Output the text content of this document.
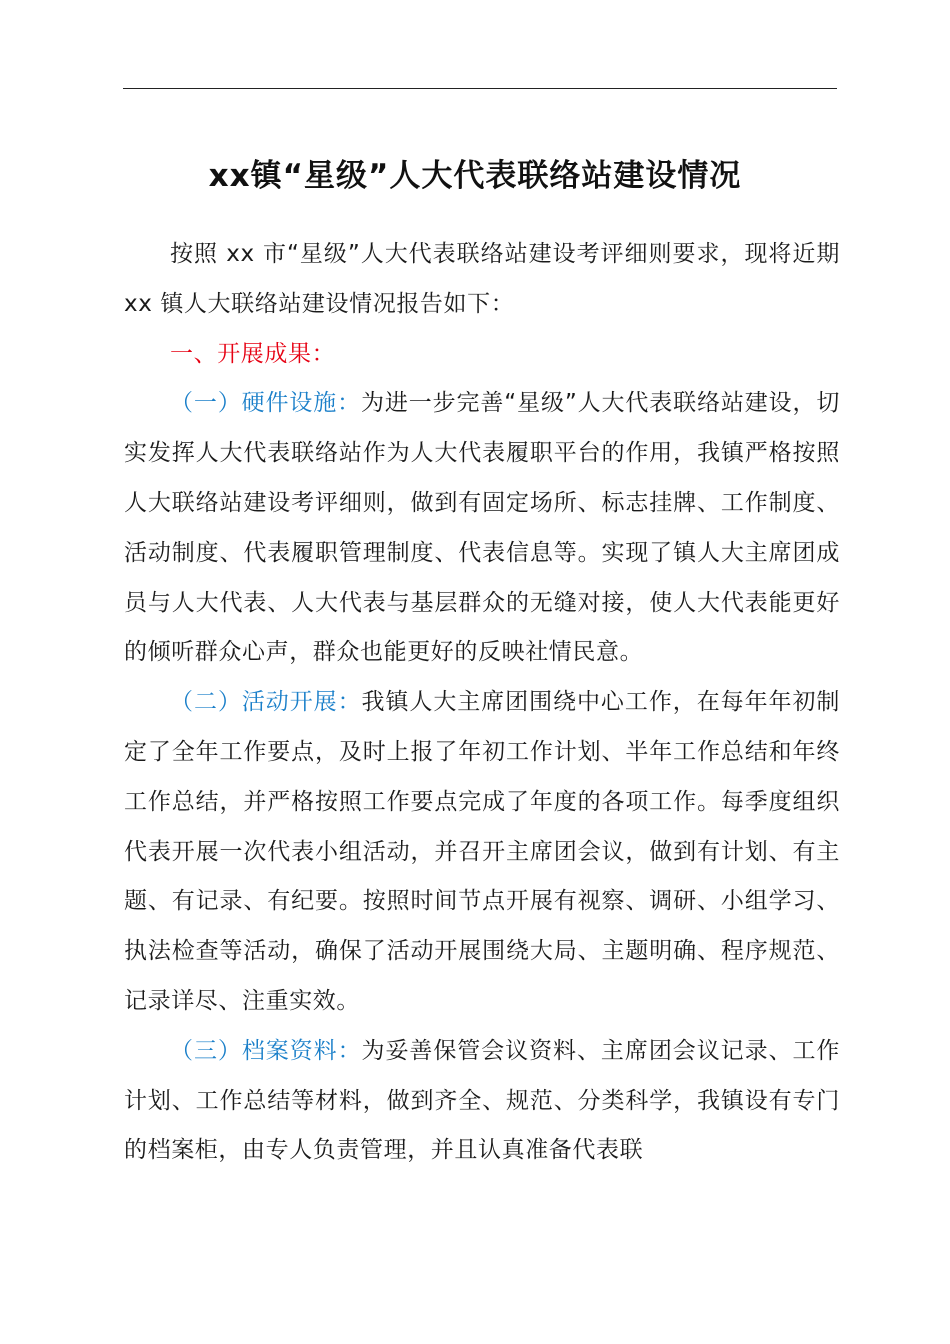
xx镇“星级”人大代表联络站建设情况

按照 xx 市“星级”人大代表联络站建设考评细则要求，现将近期 xx 镇人大联络站建设情况报告如下：

一、开展成果：

（一）硬件设施：为进一步完善“星级”人大代表联络站建设，切实发挥人大代表联络站作为人大代表履职平台的作用，我镇严格按照人大联络站建设考评细则，做到有固定场所、标志挂牌、工作制度、活动制度、代表履职管理制度、代表信息等。实现了镇人大主席团成员与人大代表、人大代表与基层群众的无缝对接，使人大代表能更好的倾听群众心声，群众也能更好的反映社情民意。

（二）活动开展：我镇人大主席团围绕中心工作，在每年年初制定了全年工作要点，及时上报了年初工作计划、半年工作总结和年终工作总结，并严格按照工作要点完成了年度的各项工作。每季度组织代表开展一次代表小组活动，并召开主席团会议，做到有计划、有主题、有记录、有纪要。按照时间节点开展有视察、调研、小组学习、执法检查等活动，确保了活动开展围绕大局、主题明确、程序规范、记录详尽、注重实效。

（三）档案资料：为妥善保管会议资料、主席团会议记录、工作计划、工作总结等材料，做到齐全、规范、分类科学，我镇设有专门的档案柜，由专人负责管理，并且认真准备代表联
